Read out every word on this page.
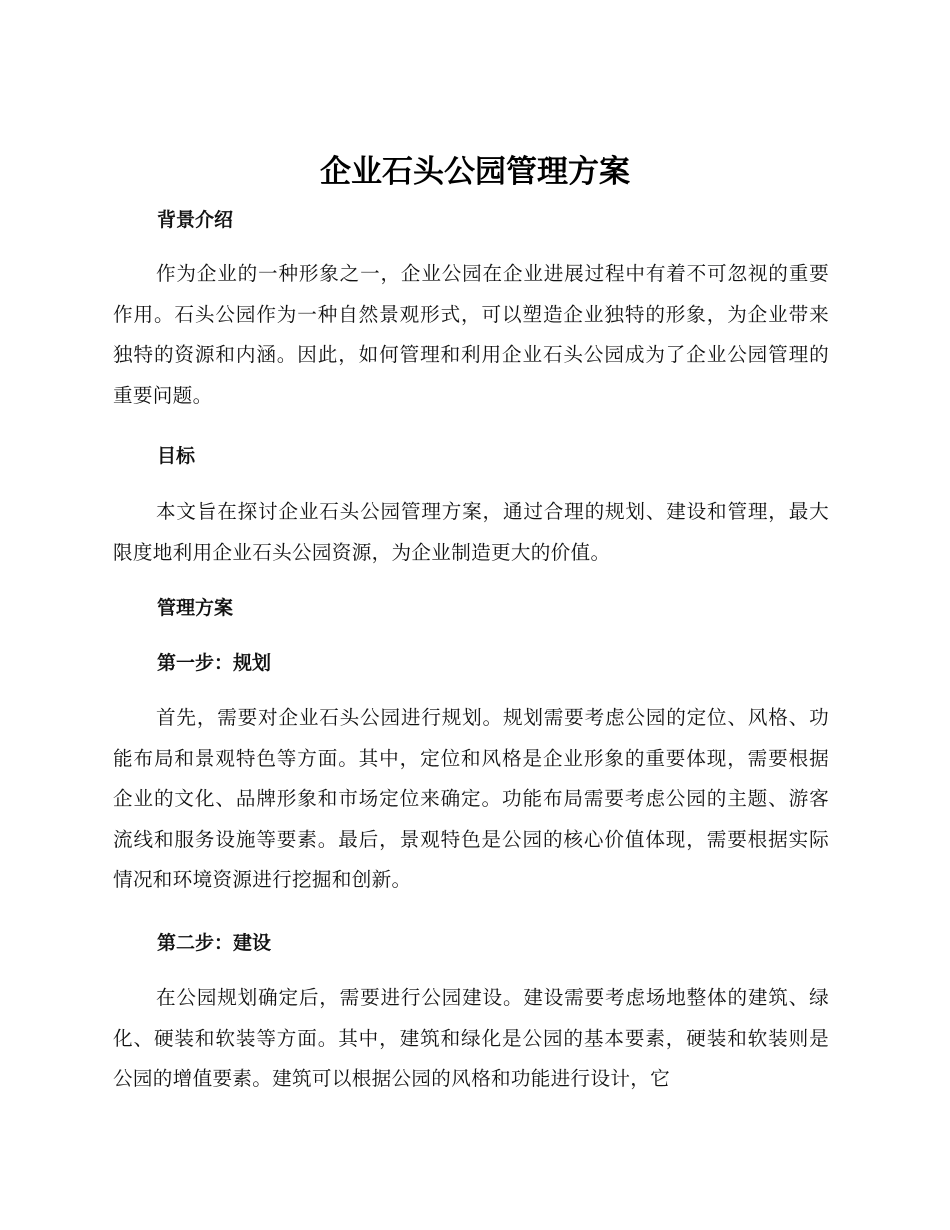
企业石头公园管理方案
背景介绍

作为企业的一种形象之一，企业公园在企业进展过程中有着不可忽视的重要作用。石头公园作为一种自然景观形式，可以塑造企业独特的形象，为企业带来独特的资源和内涵。因此，如何管理和利用企业石头公园成为了企业公园管理的重要问题。

目标

本文旨在探讨企业石头公园管理方案，通过合理的规划、建设和管理，最大限度地利用企业石头公园资源，为企业制造更大的价值。

管理方案
第一步：规划

首先，需要对企业石头公园进行规划。规划需要考虑公园的定位、风格、功能布局和景观特色等方面。其中，定位和风格是企业形象的重要体现，需要根据企业的文化、品牌形象和市场定位来确定。功能布局需要考虑公园的主题、游客流线和服务设施等要素。最后，景观特色是公园的核心价值体现，需要根据实际情况和环境资源进行挖掘和创新。

第二步：建设

在公园规划确定后，需要进行公园建设。建设需要考虑场地整体的建筑、绿化、硬装和软装等方面。其中，建筑和绿化是公园的基本要素，硬装和软装则是公园的增值要素。建筑可以根据公园的风格和功能进行设计，它
